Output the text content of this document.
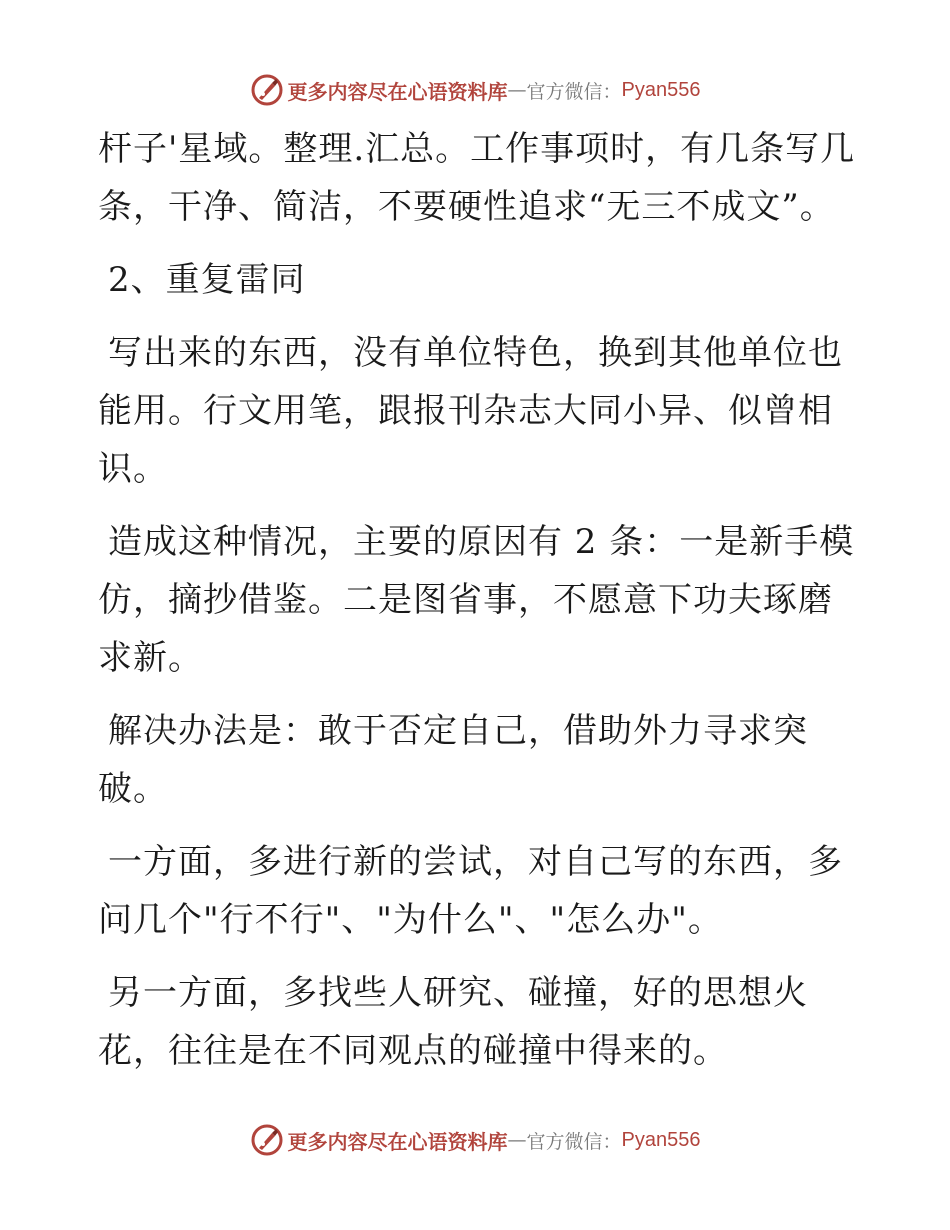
更多内容尽在心语资料库 — 官方微信： Pyan556

杆子'星域。整理.汇总。工作事项时，有几条写几条，干净、简洁，不要硬性追求“无三不成文”。

2、重复雷同

写出来的东西，没有单位特色，换到其他单位也能用。行文用笔，跟报刊杂志大同小异、似曾相识。

造成这种情况，主要的原因有 2 条：一是新手模仿，摘抄借鉴。二是图省事，不愿意下功夫琢磨求新。

解决办法是：敢于否定自己，借助外力寻求突破。

一方面，多进行新的尝试，对自己写的东西，多问几个"行不行"、"为什么"、"怎么办"。

另一方面，多找些人研究、碰撞，好的思想火花，往往是在不同观点的碰撞中得来的。

更多内容尽在心语资料库 — 官方微信： Pyan556
